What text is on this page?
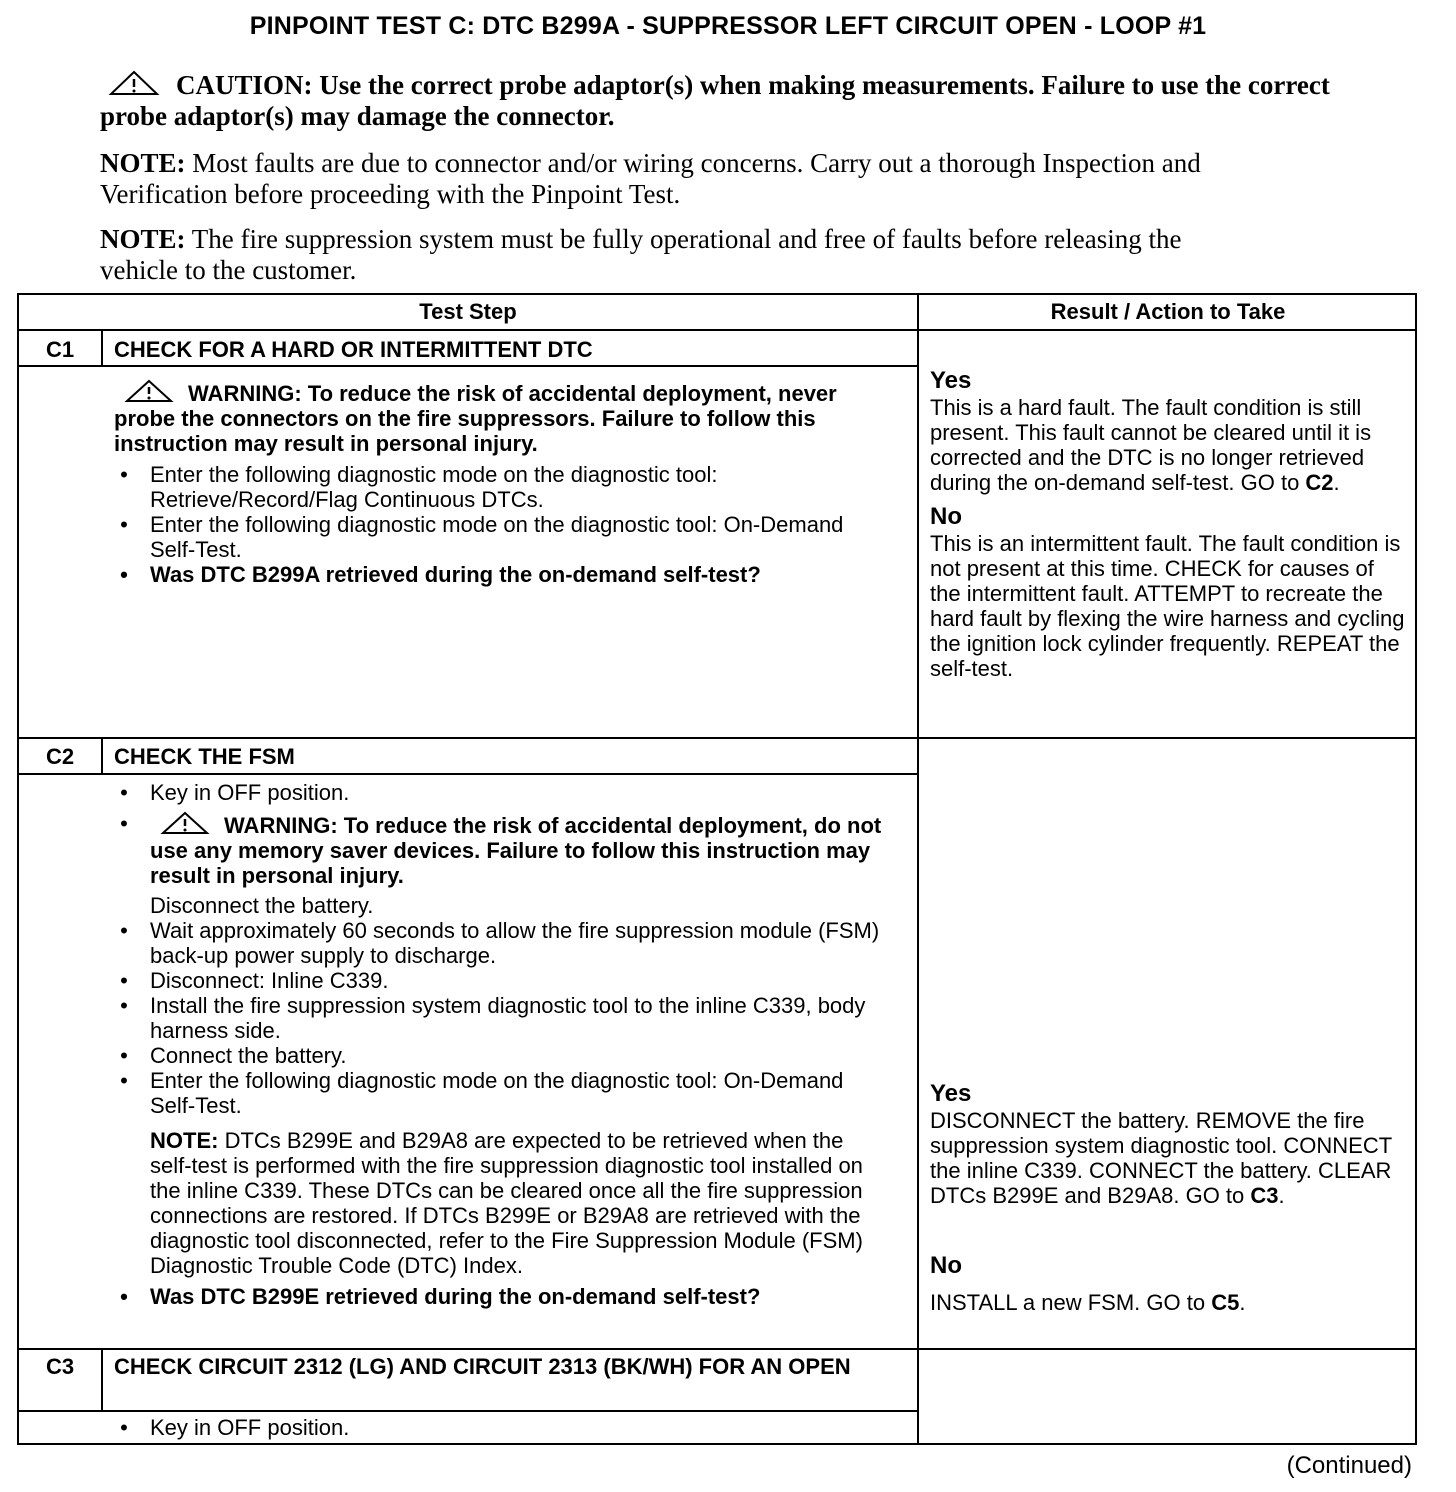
PINPOINT TEST C: DTC B299A - SUPPRESSOR LEFT CIRCUIT OPEN - LOOP #1
CAUTION: Use the correct probe adaptor(s) when making measurements. Failure to use the correct probe adaptor(s) may damage the connector.
NOTE: Most faults are due to connector and/or wiring concerns. Carry out a thorough Inspection and Verification before proceeding with the Pinpoint Test.
NOTE: The fire suppression system must be fully operational and free of faults before releasing the vehicle to the customer.
Test Step	Result / Action to Take
C1	CHECK FOR A HARD OR INTERMITTENT DTC
WARNING: To reduce the risk of accidental deployment, never probe the connectors on the fire suppressors. Failure to follow this instruction may result in personal injury.
• Enter the following diagnostic mode on the diagnostic tool: Retrieve/Record/Flag Continuous DTCs.
• Enter the following diagnostic mode on the diagnostic tool: On-Demand Self-Test.
• Was DTC B299A retrieved during the on-demand self-test?
Yes
This is a hard fault. The fault condition is still present. This fault cannot be cleared until it is corrected and the DTC is no longer retrieved during the on-demand self-test. GO to C2.
No
This is an intermittent fault. The fault condition is not present at this time. CHECK for causes of the intermittent fault. ATTEMPT to recreate the hard fault by flexing the wire harness and cycling the ignition lock cylinder frequently. REPEAT the self-test.
C2	CHECK THE FSM
• Key in OFF position.
•	WARNING: To reduce the risk of accidental deployment, do not use any memory saver devices. Failure to follow this instruction may result in personal injury.
Disconnect the battery.
• Wait approximately 60 seconds to allow the fire suppression module (FSM) back-up power supply to discharge.
• Disconnect: Inline C339.
• Install the fire suppression system diagnostic tool to the inline C339, body harness side.
• Connect the battery.
• Enter the following diagnostic mode on the diagnostic tool: On-Demand Self-Test.
NOTE: DTCs B299E and B29A8 are expected to be retrieved when the self-test is performed with the fire suppression diagnostic tool installed on the inline C339. These DTCs can be cleared once all the fire suppression connections are restored. If DTCs B299E or B29A8 are retrieved with the diagnostic tool disconnected, refer to the Fire Suppression Module (FSM) Diagnostic Trouble Code (DTC) Index.
• Was DTC B299E retrieved during the on-demand self-test?
Yes
DISCONNECT the battery. REMOVE the fire suppression system diagnostic tool. CONNECT the inline C339. CONNECT the battery. CLEAR DTCs B299E and B29A8. GO to C3.
No
INSTALL a new FSM. GO to C5.
C3	CHECK CIRCUIT 2312 (LG) AND CIRCUIT 2313 (BK/WH) FOR AN OPEN
• Key in OFF position.
(Continued)
